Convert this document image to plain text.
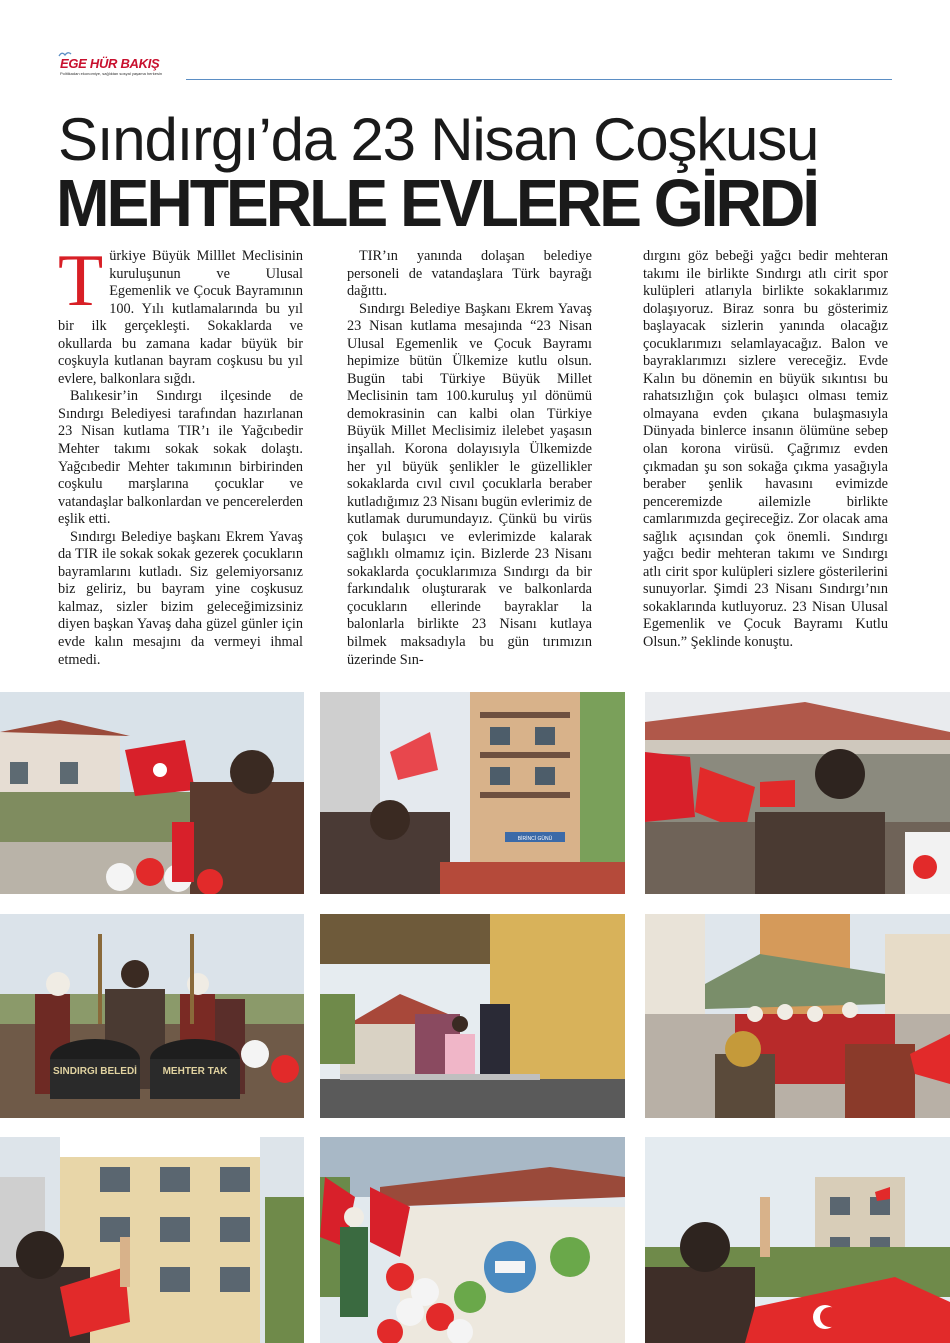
EGE HÜR BAKIŞ
Politikadan ekonomiye, sağlıktan sosyal yaşama herkesin
Sındırgı’da 23 Nisan Coşkusu
MEHTERLE EVLERE GİRDİ
T ürkiye Büyük Milllet Meclisinin kuruluşunun ve Ulusal Egemenlik ve Çocuk Bayramının 100. Yılı kutlamalarında bu yıl bir ilk gerçekleşti. Sokaklarda ve okullarda bu zamana kadar büyük bir coşkuyla kutlanan bayram coşkusu bu yıl evlere, balkonlara sığdı.

Balıkesir’in Sındırgı ilçesinde de Sındırgı Belediyesi tarafından hazırlanan 23 Nisan kutlama TIR’ı ile Yağcıbedir Mehter takımı sokak sokak dolaştı. Yağcıbedir Mehter takımının birbirinden coşkulu marşlarına çocuklar ve vatandaşlar balkonlardan ve pencerelerden eşlik etti.

Sındırgı Belediye başkanı Ekrem Yavaş da TIR ile sokak sokak gezerek çocukların bayramlarını kutladı. Siz gelemiyorsanız biz geliriz, bu bayram yine coşkusuz kalmaz, sizler bizim geleceğimizsiniz diyen başkan Yavaş daha güzel günler için evde kalın mesajını da vermeyi ihmal etmedi.

TIR’ın yanında dolaşan belediye personeli de vatandaşlara Türk bayrağı dağıttı.

Sındırgı Belediye Başkanı Ekrem Yavaş 23 Nisan kutlama mesajında “23 Nisan Ulusal Egemenlik ve Çocuk Bayramı hepimize bütün Ülkemize kutlu olsun. Bugün tabi Türkiye Büyük Millet Meclisinin tam 100.kuruluş yıl dönümü demokrasinin can kalbi olan Türkiye Büyük Millet Meclisimiz ilelebet yaşasın inşallah. Korona dolayısıyla Ülkemizde her yıl büyük şenlikler le güzellikler sokaklarda cıvıl cıvıl çocuklarla beraber kutladığımız 23 Nisanı bugün evlerimiz de kutlamak durumundayız. Çünkü bu virüs çok bulaşıcı ve evlerimizde kalarak sağlıklı olmamız için. Bizlerde 23 Nisanı sokaklarda çocuklarımıza Sındırgı da bir farkındalık oluşturarak ve balkonlarda çocukların ellerinde bayraklar la balonlarla birlikte 23 Nisanı kutlaya bilmek maksadıyla bu gün tırımızın üzerinde Sın-

dırgını göz bebeği yağcı bedir mehteran takımı ile birlikte Sındırgı atlı cirit spor kulüpleri atlarıyla birlikte sokaklarımız dolaşıyoruz. Biraz sonra bu gösterimiz başlayacak sizlerin yanında olacağız çocuklarımızı selamlayacağız. Balon ve bayraklarımızı sizlere vereceğiz. Evde Kalın bu dönemin en büyük sıkıntısı bu rahatsızlığın çok bulaşıcı olması temiz olmayana evden çıkana bulaşmasıyla Dünyada binlerce insanın ölümüne sebep olan korona virüsü. Çağrımız evden çıkmadan şu son sokağa çıkma yasağıyla beraber şenlik havasını evimizde penceremizde ailemizle birlikte camlarımızda geçireceğiz. Zor olacak ama sağlık açısından çok önemli. Sındırgı yağcı bedir mehteran takımı ve Sındırgı atlı cirit spor kulüpleri sizlere gösterilerini sunuyorlar. Şimdi 23 Nisanı Sındırgı’nın sokaklarında kutluyoruz. 23 Nisan Ulusal Egemenlik ve Çocuk Bayramı Kutlu Olsun.” Şeklinde konuştu.

BİRİNCİ GÜNÜ
SINDIRGI BELEDİ	MEHTER TAK
